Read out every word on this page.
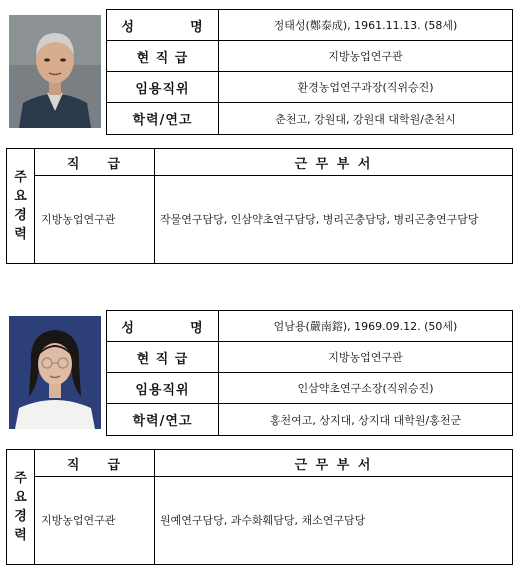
성          명	정태성(鄭泰成), 1961.11.13. (58세)
현 직 급	지방농업연구관
임용직위	환경농업연구과장(직위승진)
학력/연고	춘천고, 강원대, 강원대 대학원/춘천시
주
요
경
력	직    급	근 무 부 서
	지방농업연구관	작물연구담당, 인삼약초연구담당, 병리곤충담당, 병리곤충연구담당
성          명	엄남용(嚴南鎔), 1969.09.12. (50세)
현 직 급	지방농업연구관
임용직위	인삼약초연구소장(직위승진)
학력/연고	홍천여고, 상지대, 상지대 대학원/홍천군
주
요
경
력	직    급	근 무 부 서
	지방농업연구관	원예연구담당, 과수화훼담당, 채소연구담당
